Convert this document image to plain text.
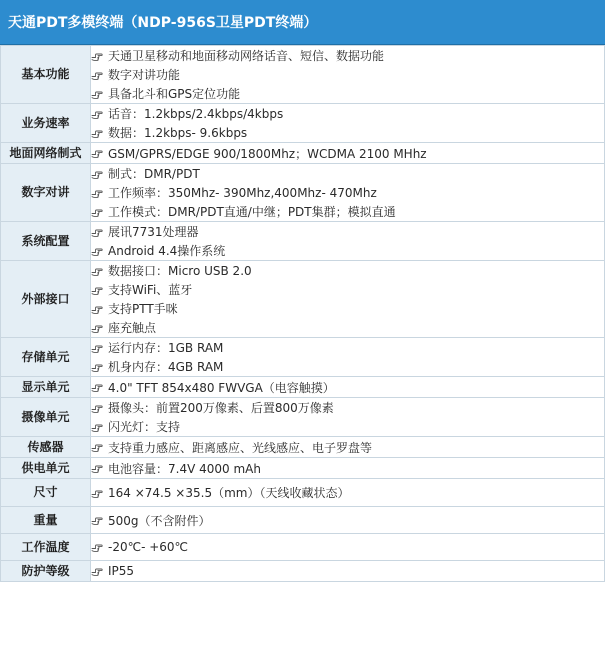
天通PDT多模终端（NDP-956S卫星PDT终端）
基本功能	天通卫星移动和地面移动网络话音、短信、数据功能
数字对讲功能
具备北斗和GPS定位功能

业务速率	话音：1.2kbps/2.4kbps/4kbps
数据：1.2kbps- 9.6kbps

地面网络制式	GSM/GPRS/EDGE 900/1800Mhz；WCDMA 2100 MHhz

数字对讲	制式：DMR/PDT
工作频率：350Mhz- 390Mhz,400Mhz- 470Mhz
工作模式：DMR/PDT直通/中继；PDT集群；模拟直通

系统配置	展讯7731处理器
Android 4.4操作系统

外部接口	数据接口：Micro USB 2.0
支持WiFi、蓝牙
支持PTT手咪
座充触点

存储单元	运行内存：1GB RAM
机身内存：4GB RAM

显示单元	4.0" TFT 854x480 FWVGA（电容触摸）

摄像单元	摄像头：前置200万像素、后置800万像素
闪光灯：支持

传感器	支持重力感应、距离感应、光线感应、电子罗盘等

供电单元	电池容量：7.4V 4000 mAh

尺寸	164 ×74.5 ×35.5（mm）（天线收藏状态）

重量	500g（不含附件）

工作温度	-20℃- +60℃

防护等级	IP55
